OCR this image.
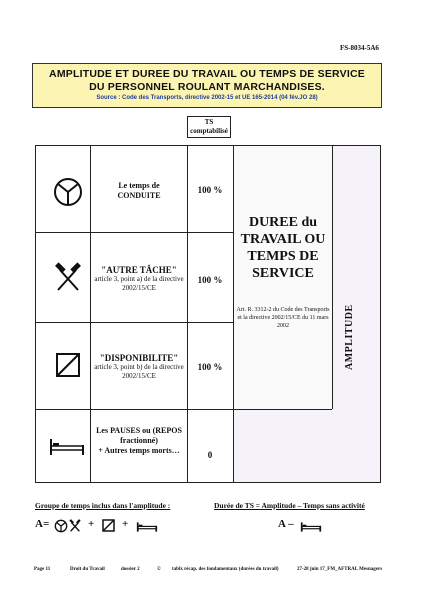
FS-8034-5A6
AMPLITUDE ET DUREE DU TRAVAIL OU TEMPS DE SERVICE
DU PERSONNEL ROULANT MARCHANDISES.
Source : Code des Transports, directive 2002-15 et UE 165-2014 (04 fév.JO 28)
TS
comptabilisé
Le temps de
CONDUITE
100 %
"AUTRE TÂCHE"
article 3, point a) de la directive 2002/15/CE
100 %
"DISPONIBILITE"
article 3, point b) de la directive 2002/15/CE
100 %
Les PAUSES ou (REPOS fractionné)
+ Autres temps morts…	0
DUREE du
TRAVAIL OU
TEMPS DE
SERVICE
Art. R. 3312-2 du Code des Transports et la directive 2002/15/CE du 11 mars 2002	AMPLITUDE
Groupe de temps inclus dans l'amplitude :	Durée de TS = Amplitude – Temps sans activité
A=	+	+	A –
Page 11	Droit du Travail	dossier 2	© tablx récap. des fondamentaux (durées du travail)	27-28 juin 17_FM_AFTRAL Mesnagers
